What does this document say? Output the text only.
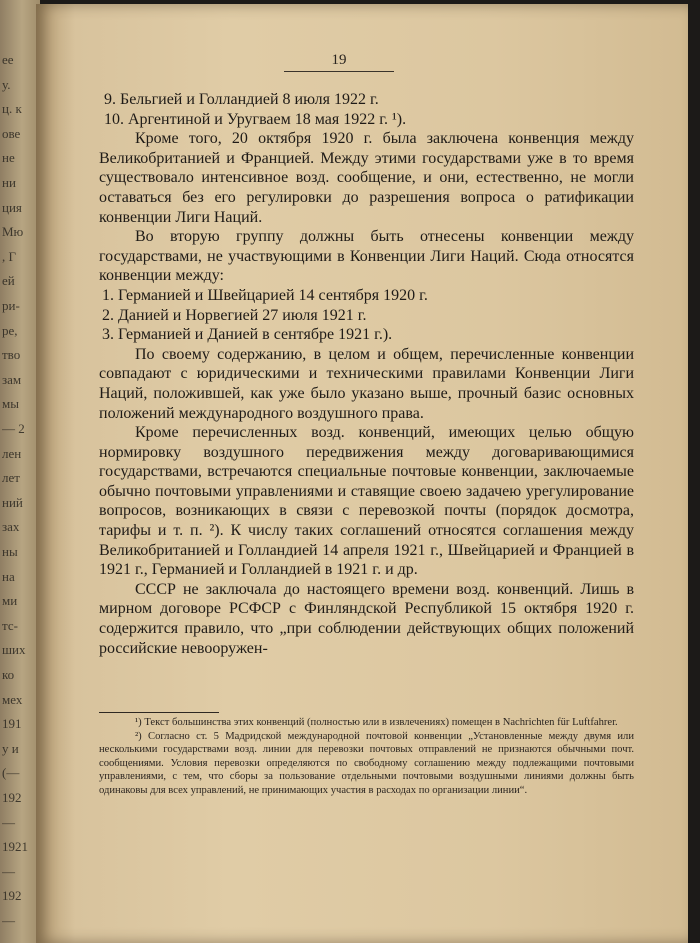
ее
у.
ц. к
ове
не
ни
ция
Мю
, Г
ей
ри-
ре,
тво
зам
мы
— 2
лен
лет
ний
зах
ны
на
ми
тс-
ших
ко
мех
191
у и
(—
192
—
1921
—
192
—
19

9. Бельгией и Голландией 8 июля 1922 г.

10. Аргентиной и Уругваем 18 мая 1922 г. ¹).

Кроме того, 20 октября 1920 г. была заключена конвенция между Великобританией и Францией. Между этими государствами уже в то время существовало интенсивное возд. сообщение, и они, естественно, не могли оставаться без его регулировки до разрешения вопроса о ратификации конвенции Лиги Наций.

Во вторую группу должны быть отнесены конвенции между государствами, не участвующими в Конвенции Лиги Наций. Сюда относятся конвенции между:

1. Германией и Швейцарией 14 сентября 1920 г.

2. Данией и Норвегией 27 июля 1921 г.

3. Германией и Данией в сентябре 1921 г.).

По своему содержанию, в целом и общем, перечисленные конвенции совпадают с юридическими и техническими правилами Конвенции Лиги Наций, положившей, как уже было указано выше, прочный базис основных положений международного воздушного права.

Кроме перечисленных возд. конвенций, имеющих целью общую нормировку воздушного передвижения между договаривающимися государствами, встречаются специальные почтовые конвенции, заключаемые обычно почтовыми управлениями и ставящие своею задачею урегулирование вопросов, возникающих в связи с перевозкой почты (порядок досмотра, тарифы и т. п. ²). К числу таких соглашений относятся соглашения между Великобританией и Голландией 14 апреля 1921 г., Швейцарией и Францией в 1921 г., Германией и Голландией в 1921 г. и др.

СССР не заключала до настоящего времени возд. конвенций. Лишь в мирном договоре РСФСР с Финляндской Республикой 15 октября 1920 г. содержится правило, что „при соблюдении действующих общих положений российские невооружен-

¹) Текст большинства этих конвенций (полностью или в извлечениях) помещен в Nachrichten für Luftfahrer.

²) Согласно ст. 5 Мадридской международной почтовой конвенции „Установленные между двумя или несколькими государствами возд. линии для перевозки почтовых отправлений не признаются обычными почт. сообщениями. Условия перевозки определяются по свободному соглашению между подлежащими почтовыми управлениями, с тем, что сборы за пользование отдельными почтовыми воздушными линиями должны быть одинаковы для всех управлений, не принимающих участия в расходах по организации линии“.
